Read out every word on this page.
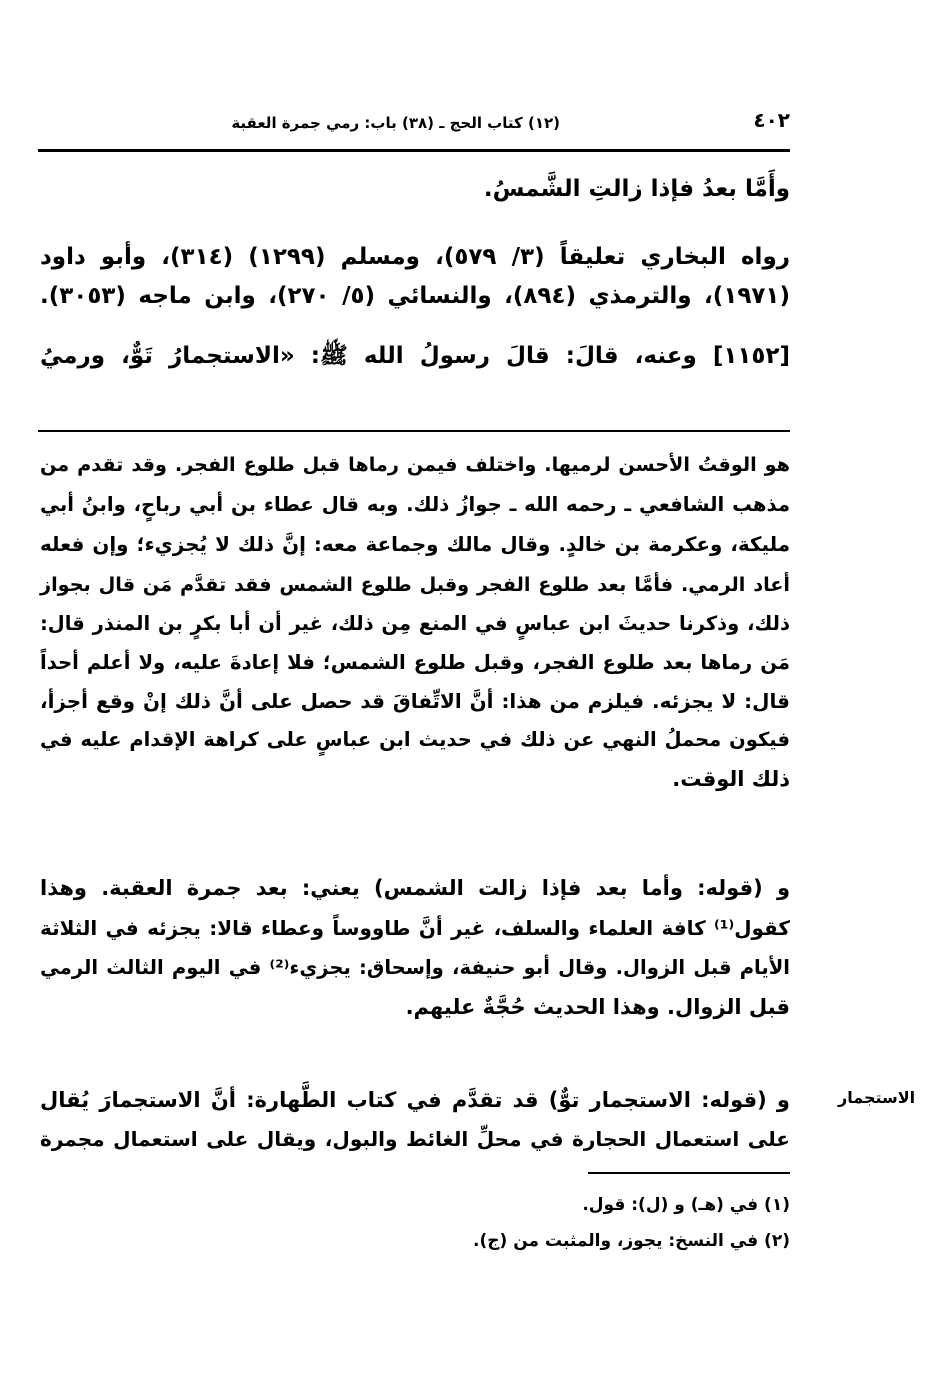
٤٠٢
(١٢) كتاب الحج ـ (٣٨) باب: رمي جمرة العقبة
وأَمَّا بعدُ فإذا زالتِ الشَّمسُ.
رواه البخاري تعليقاً (٣/ ٥٧٩)، ومسلم (١٢٩٩) (٣١٤)، وأبو داود
(١٩٧١)، والترمذي (٨٩٤)، والنسائي (٥/ ٢٧٠)، وابن ماجه (٣٠٥٣).
[١١٥٢] وعنه، قالَ: قالَ رسولُ الله ﷺ: «الاستجمارُ تَوٌّ، ورميُ
هو الوقتُ الأحسن لرميها. واختلف فيمن رماها قبل طلوع الفجر. وقد تقدم من
مذهب الشافعي ـ رحمه الله ـ جوازُ ذلك. وبه قال عطاء بن أبي رباحٍ، وابنُ أبي
مليكة، وعكرمة بن خالدٍ. وقال مالك وجماعة معه: إنَّ ذلك لا يُجزيء؛ وإن فعله
أعاد الرمي. فأمَّا بعد طلوع الفجر وقبل طلوع الشمس فقد تقدَّم مَن قال بجواز
ذلك، وذكرنا حديثَ ابن عباسٍ في المنع مِن ذلك، غير أن أبا بكرٍ بن المنذر قال:
مَن رماها بعد طلوع الفجر، وقبل طلوع الشمس؛ فلا إعادةَ عليه، ولا أعلم أحداً
قال: لا يجزئه. فيلزم من هذا: أنَّ الاتِّفاقَ قد حصل على أنَّ ذلك إنْ وقع أجزأ،
فيكون محملُ النهي عن ذلك في حديث ابن عباسٍ على كراهة الإقدام عليه في
ذلك الوقت.
و (قوله: وأما بعد فإذا زالت الشمس) يعني: بعد جمرة العقبة. وهذا
كقول⁽¹⁾ كافة العلماء والسلف، غير أنَّ طاووساً وعطاء قالا: يجزئه في الثلاثة
الأيام قبل الزوال. وقال أبو حنيفة، وإسحاق: يجزيء⁽²⁾ في اليوم الثالث الرمي
قبل الزوال. وهذا الحديث حُجَّةٌ عليهم.
الاستجمار
و (قوله: الاستجمار توٌّ) قد تقدَّم في كتاب الطَّهارة: أنَّ الاستجمارَ يُقال
على استعمال الحجارة في محلِّ الغائط والبول، ويقال على استعمال مجمرة
(١) في (هـ) و (ل): قول.
(٢) في النسخ: يجوز، والمثبت من (ج).
